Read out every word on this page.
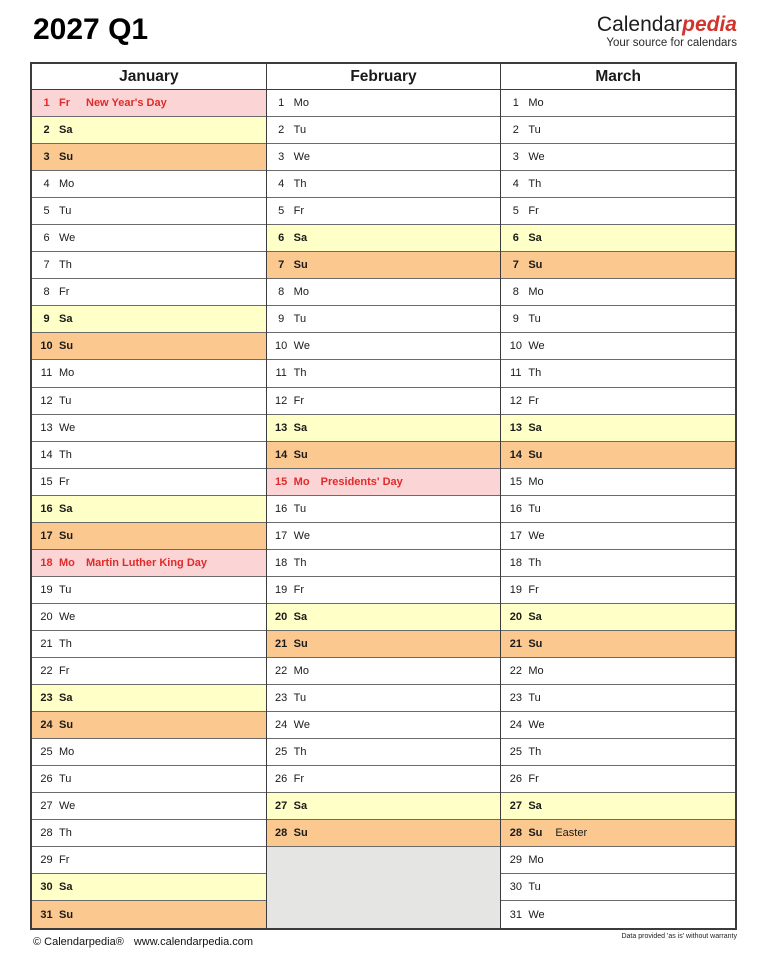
2027 Q1	Calendarpedia
Your source for calendars
January
1 Fr	New Year's Day
2 Sa
3 Su
4 Mo
5 Tu
6 We
7 Th
8 Fr
9 Sa
10 Su
11 Mo
12 Tu
13 We
14 Th
15 Fr
16 Sa
17 Su
18 Mo	Martin Luther King Day
19 Tu
20 We
21 Th
22 Fr
23 Sa
24 Su
25 Mo
26 Tu
27 We
28 Th
29 Fr
30 Sa
31 Su
February
1 Mo
2 Tu
3 We
4 Th
5 Fr
6 Sa
7 Su
8 Mo
9 Tu
10 We
11 Th
12 Fr
13 Sa
14 Su
15 Mo	Presidents' Day
16 Tu
17 We
18 Th
19 Fr
20 Sa
21 Su
22 Mo
23 Tu
24 We
25 Th
26 Fr
27 Sa
28 Su
March
1 Mo
2 Tu
3 We
4 Th
5 Fr
6 Sa
7 Su
8 Mo
9 Tu
10 We
11 Th
12 Fr
13 Sa
14 Su
15 Mo
16 Tu
17 We
18 Th
19 Fr
20 Sa
21 Su
22 Mo
23 Tu
24 We
25 Th
26 Fr
27 Sa
28 Su	Easter
29 Mo
30 Tu
31 We
© Calendarpedia® www.calendarpedia.com	Data provided 'as is' without warranty
